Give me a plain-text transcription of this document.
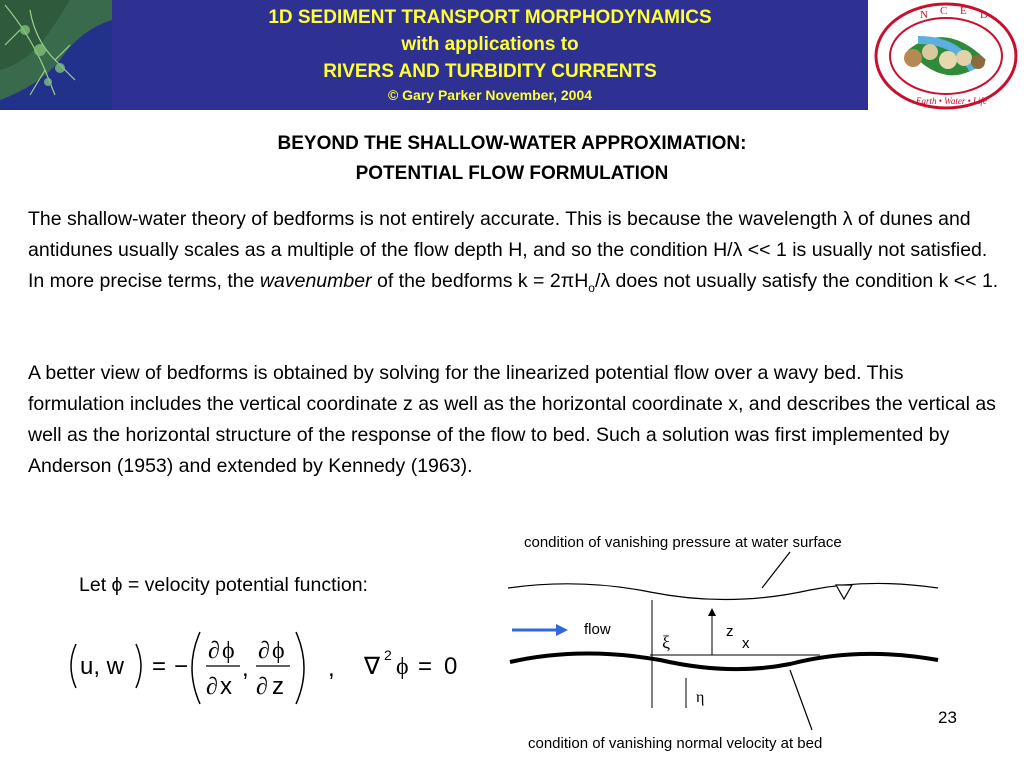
1D SEDIMENT TRANSPORT MORPHODYNAMICS
with applications to
RIVERS AND TURBIDITY CURRENTS
© Gary Parker November, 2004
N C E D
Earth • Water • Life
BEYOND THE SHALLOW-WATER APPROXIMATION:
POTENTIAL FLOW FORMULATION
The shallow-water theory of bedforms is not entirely accurate. This is because the wavelength λ of dunes and antidunes usually scales as a multiple of the flow depth H, and so the condition H/λ << 1 is usually not satisfied. In more precise terms, the wavenumber of the bedforms $k = 2\pi H_o/\lambda$ does not usually satisfy the condition k << 1.
A better view of bedforms is obtained by solving for the linearized potential flow over a wavy bed. This formulation includes the vertical coordinate z as well as the horizontal coordinate x, and describes the vertical as well as the horizontal structure of the response of the flow to bed. Such a solution was first implemented by Anderson (1953) and extended by Kennedy (1963).
Let ϕ = velocity potential function:
u, w = −
∂ ϕ
∂ x
,
∂ ϕ
∂ z
, ∇ 2 ϕ = 0
condition of vanishing pressure at water surface
condition of vanishing normal velocity at bed
flow
ξ
z
x
η
23
